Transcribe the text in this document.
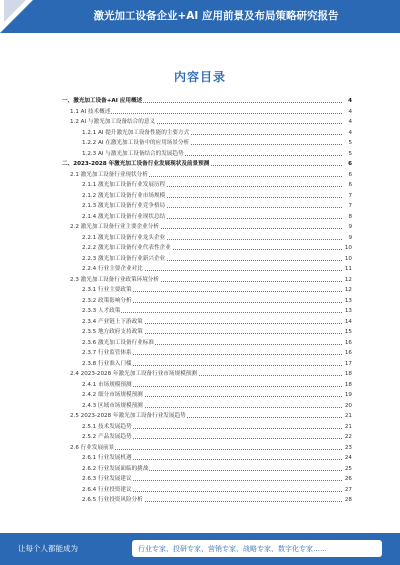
激光加工设备企业+AI 应用前景及布局策略研究报告
内容目录
一、激光加工设备+AI 应用概述	4
1.1 AI 技术概述	4
1.2 AI 与激光加工设备结合的意义	4
1.2.1 AI 提升激光加工设备性能的主要方式	4
1.2.2 AI 在激光加工设备中的应用场景分析	5
1.2.3 AI 与激光加工设备结合的发展趋势	5
二、2023-2028 年激光加工设备行业发展现状及前景预测	6
2.1 激光加工设备行业现状分析	6
2.1.1 激光加工设备行业发展历程	6
2.1.2 激光加工设备行业市场规模	7
2.1.3 激光加工设备行业竞争格局	7
2.1.4 激光加工设备行业现状总结	8
2.2 激光加工设备行业主要企业分析	9
2.2.1 激光加工设备行业龙头企业	9
2.2.2 激光加工设备行业代表性企业	10
2.2.3 激光加工设备行业新兴企业	10
2.2.4 行业主要企业对比	11
2.3 激光加工设备行业政策环境分析	12
2.3.1 行业主要政策	12
2.3.2 政策影响分析	13
2.3.3 人才政策	13
2.3.4 产业链上下游政策	14
2.3.5 地方政府支持政策	15
2.3.6 激光加工设备行业标准	16
2.3.7 行业监管体系	16
2.3.8 行业准入门槛	17
2.4 2023-2028 年激光加工设备行业市场规模预测	18
2.4.1 市场规模预测	18
2.4.2 细分市场规模预测	19
2.4.3 区域市场规模预测	20
2.5 2023-2028 年激光加工设备行业发展趋势	21
2.5.1 技术发展趋势	21
2.5.2 产品发展趋势	22
2.6 行业发展前景	23
2.6.1 行业发展机遇	24
2.6.2 行业发展面临的挑战	25
2.6.3 行业发展建议	26
2.6.4 行业投资建议	27
2.6.5 行业投资风险分析	28
让每个人都能成为	行业专家、投研专家、营销专家、战略专家、数字化专家……
